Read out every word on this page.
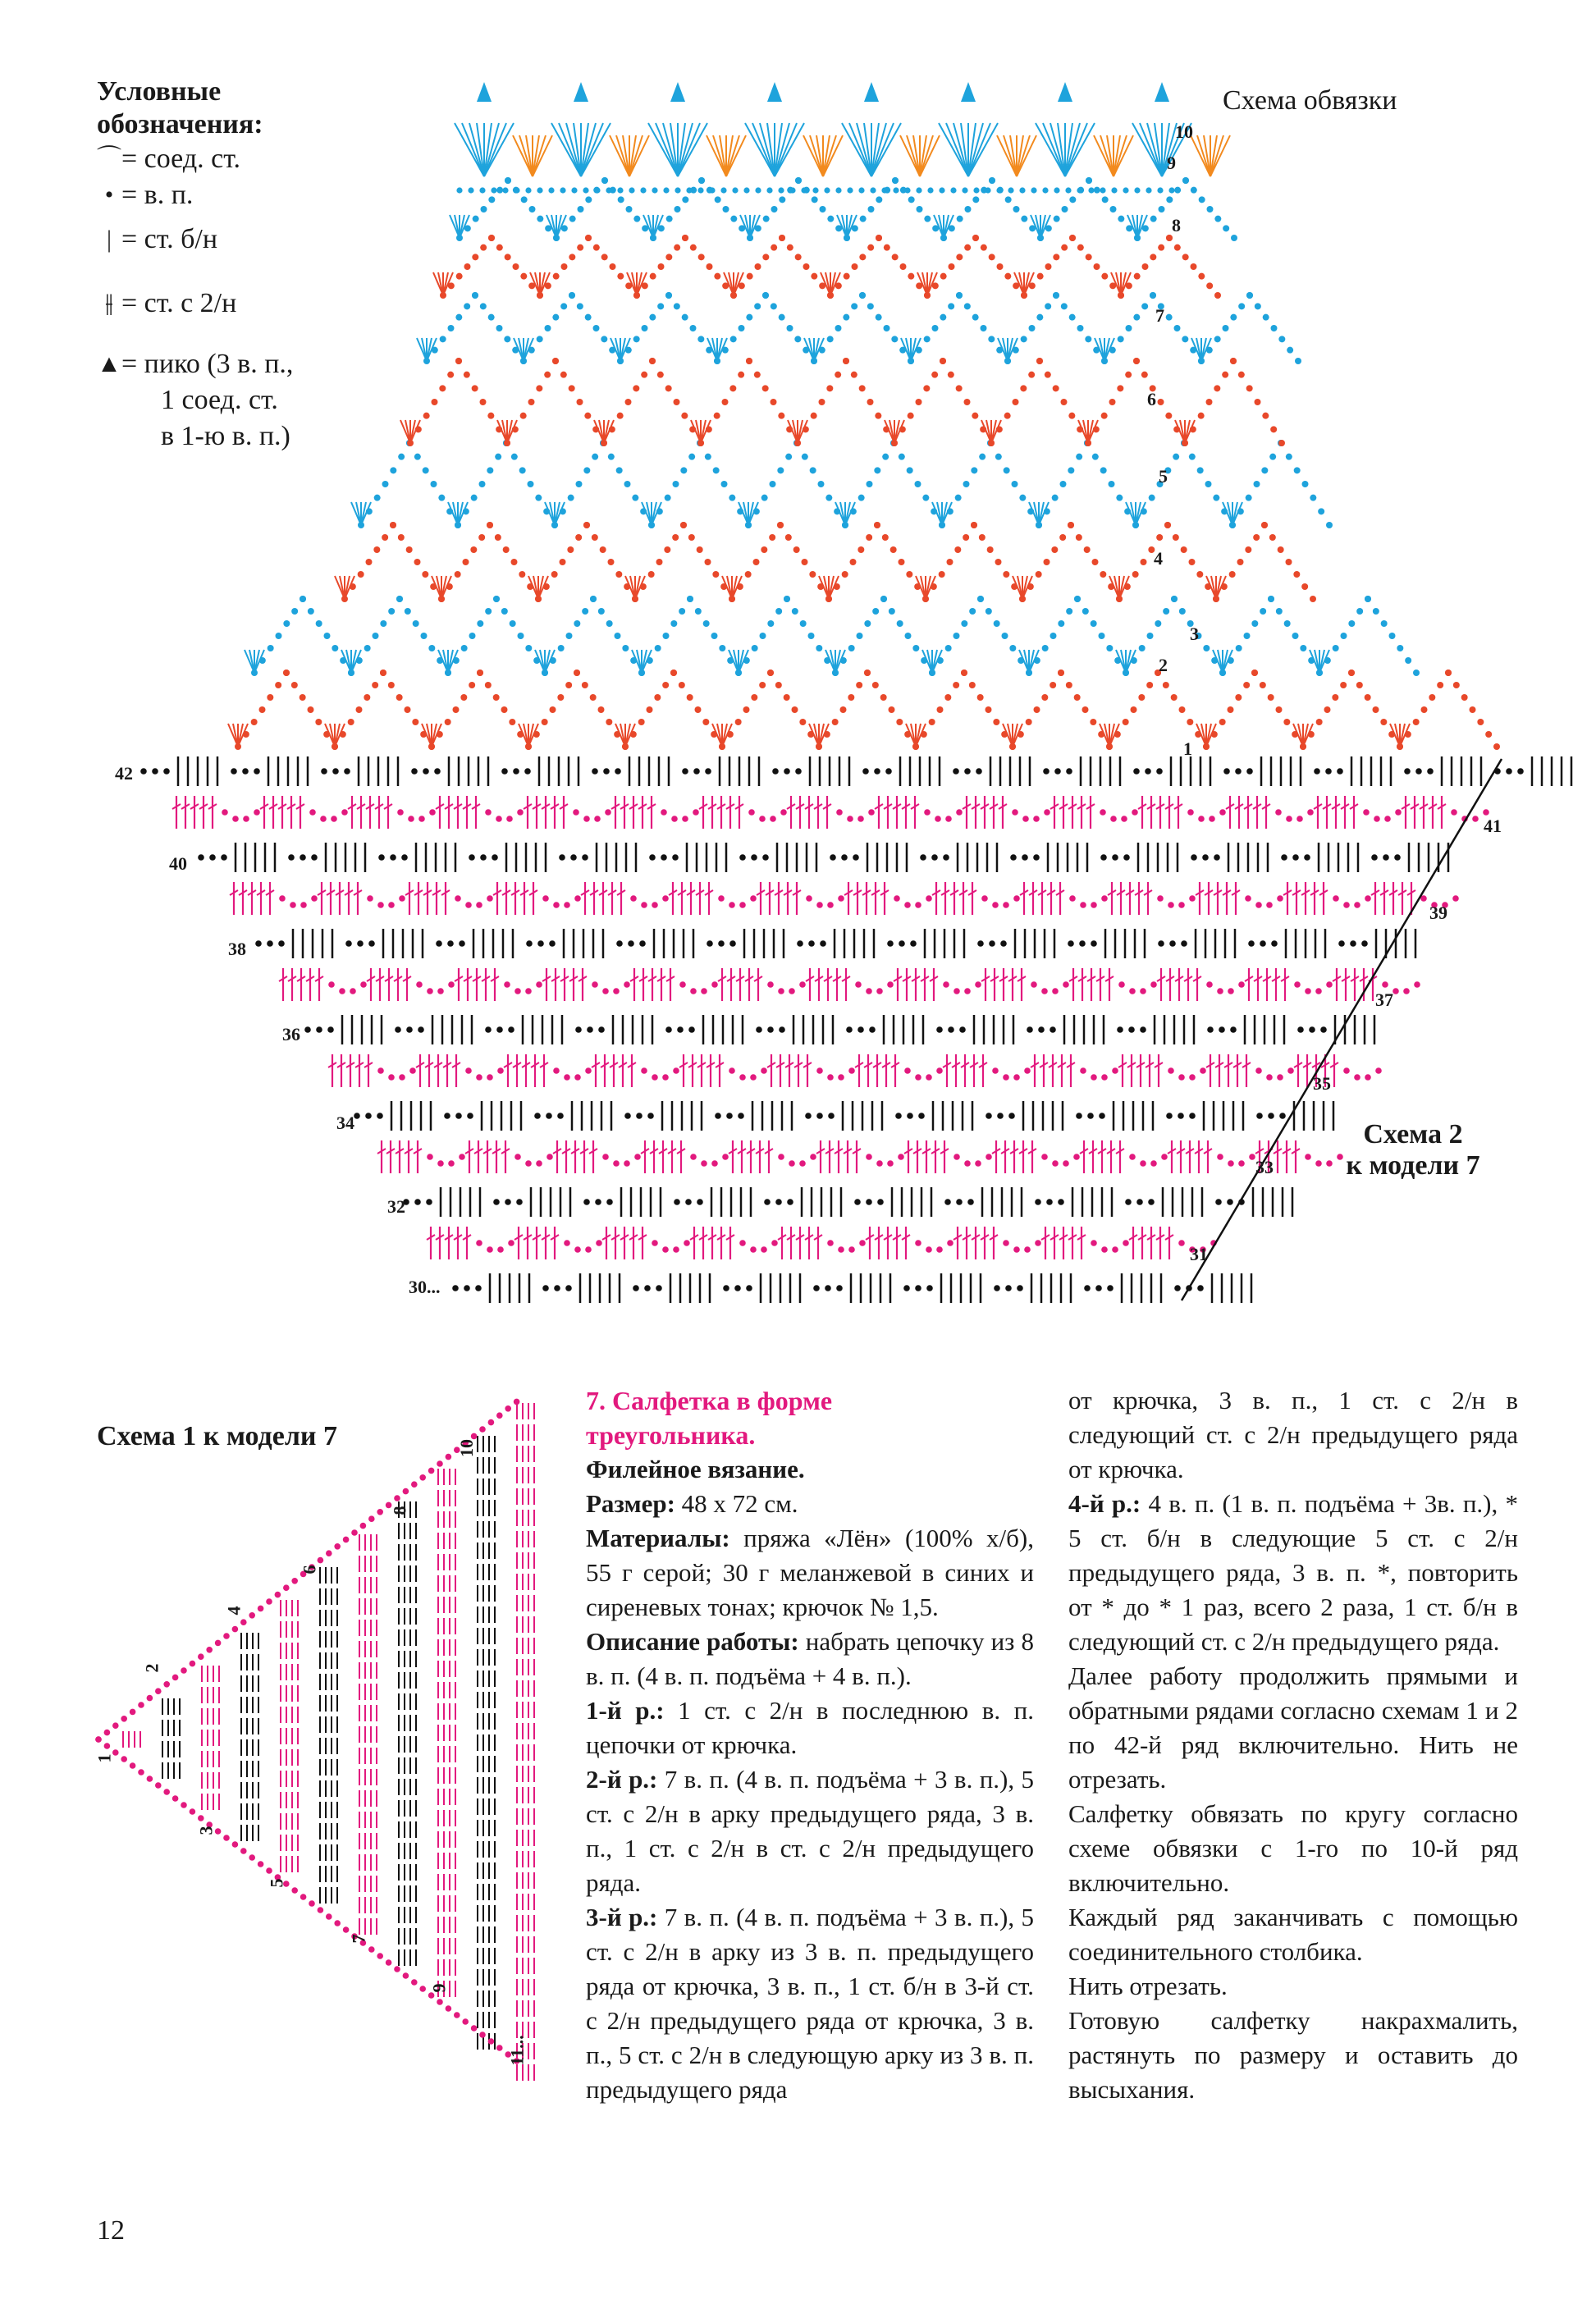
Условные
обозначения:
⌒ = соед. ст.
• = в. п.
| = ст. б/н
⫲ = ст. с 2/н
▲ = пико (3 в. п.,
1 соед. ст.
в 1-ю в. п.)
Схема обвязки
10
9
8
7
6
5
4
3
2
1
42
40
38
36
34
32
30...
41
39
37
35
33
31
Схема 2
к модели 7
Схема 1 к модели 7	10
8
6
4
2
1
3
5
7
9
11...

7. Салфетка в форме

треугольника.

Филейное вязание.

Размер: 48 х 72 см.

Материалы: пряжа «Лён» (100% х/б), 55 г серой; 30 г меланжевой в синих и сиреневых тонах; крючок № 1,5.

Описание работы: набрать цепочку из 8 в. п. (4 в. п. подъёма + 4 в. п.).

1-й р.: 1 ст. с 2/н в последнюю в. п. цепочки от крючка.

2-й р.: 7 в. п. (4 в. п. подъёма + 3 в. п.), 5 ст. с 2/н в арку предыдущего ряда, 3 в. п., 1 ст. с 2/н в ст. с 2/н предыдущего ряда.

3-й р.: 7 в. п. (4 в. п. подъёма + 3 в. п.), 5 ст. с 2/н в арку из 3 в. п. предыдущего ряда от крючка, 3 в. п., 1 ст. б/н в 3-й ст. с 2/н предыдущего ряда от крючка, 3 в. п., 5 ст. с 2/н в следующую арку из 3 в. п. предыдущего ряда

от крючка, 3 в. п., 1 ст. с 2/н в следующий ст. с 2/н предыдущего ряда от крючка.

4-й р.: 4 в. п. (1 в. п. подъёма + 3в. п.), * 5 ст. б/н в следующие 5 ст. с 2/н предыдущего ряда, 3 в. п. *, повторить от * до * 1 раз, всего 2 раза, 1 ст. б/н в следующий ст. с 2/н предыдущего ряда.

Далее работу продолжить прямыми и обратными рядами согласно схемам 1 и 2 по 42-й ряд включительно. Нить не отрезать.

Салфетку обвязать по кругу согласно схеме обвязки с 1-го по 10-й ряд включительно.

Каждый ряд заканчивать с помощью соединительного столбика.

Нить отрезать.

Готовую салфетку накрахмалить, растянуть по размеру и оставить до высыхания.

12
